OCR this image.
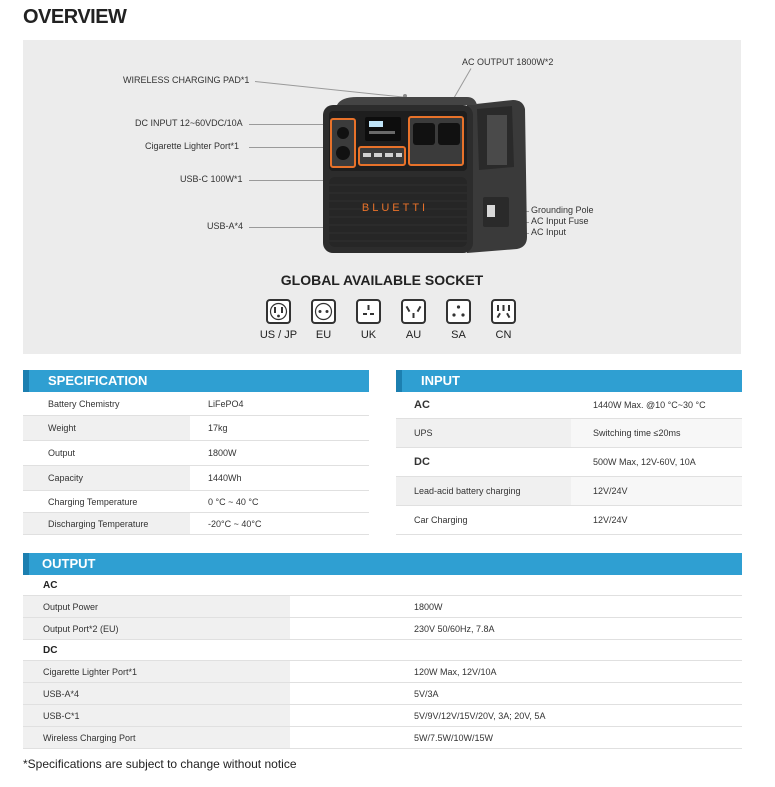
OVERVIEW
WIRELESS CHARGING PAD*1
DC INPUT 12~60VDC/10A
Cigarette Lighter Port*1
USB-C 100W*1
USB-A*4
AC OUTPUT 1800W*2
Grounding Pole
AC Input Fuse
AC Input
BLUETTI
GLOBAL AVAILABLE SOCKET
US / JP	EU	UK	AU	SA	CN
SPECIFICATION
Battery Chemistry	LiFePO4
Weight	17kg
Output	1800W
Capacity	1440Wh
Charging Temperature	0 °C ~ 40 °C
Discharging Temperature	-20°C ~ 40°C
INPUT
AC	1440W Max. @10 °C~30 °C
UPS	Switching time ≤20ms
DC	500W Max, 12V-60V, 10A
Lead-acid battery charging	12V/24V
Car Charging	12V/24V
OUTPUT
AC
Output Power	1800W
Output Port*2 (EU)	230V 50/60Hz, 7.8A
DC
Cigarette Lighter Port*1	120W Max, 12V/10A
USB-A*4	5V/3A
USB-C*1	5V/9V/12V/15V/20V, 3A; 20V, 5A
Wireless Charging Port	5W/7.5W/10W/15W
*Specifications are subject to change without notice
